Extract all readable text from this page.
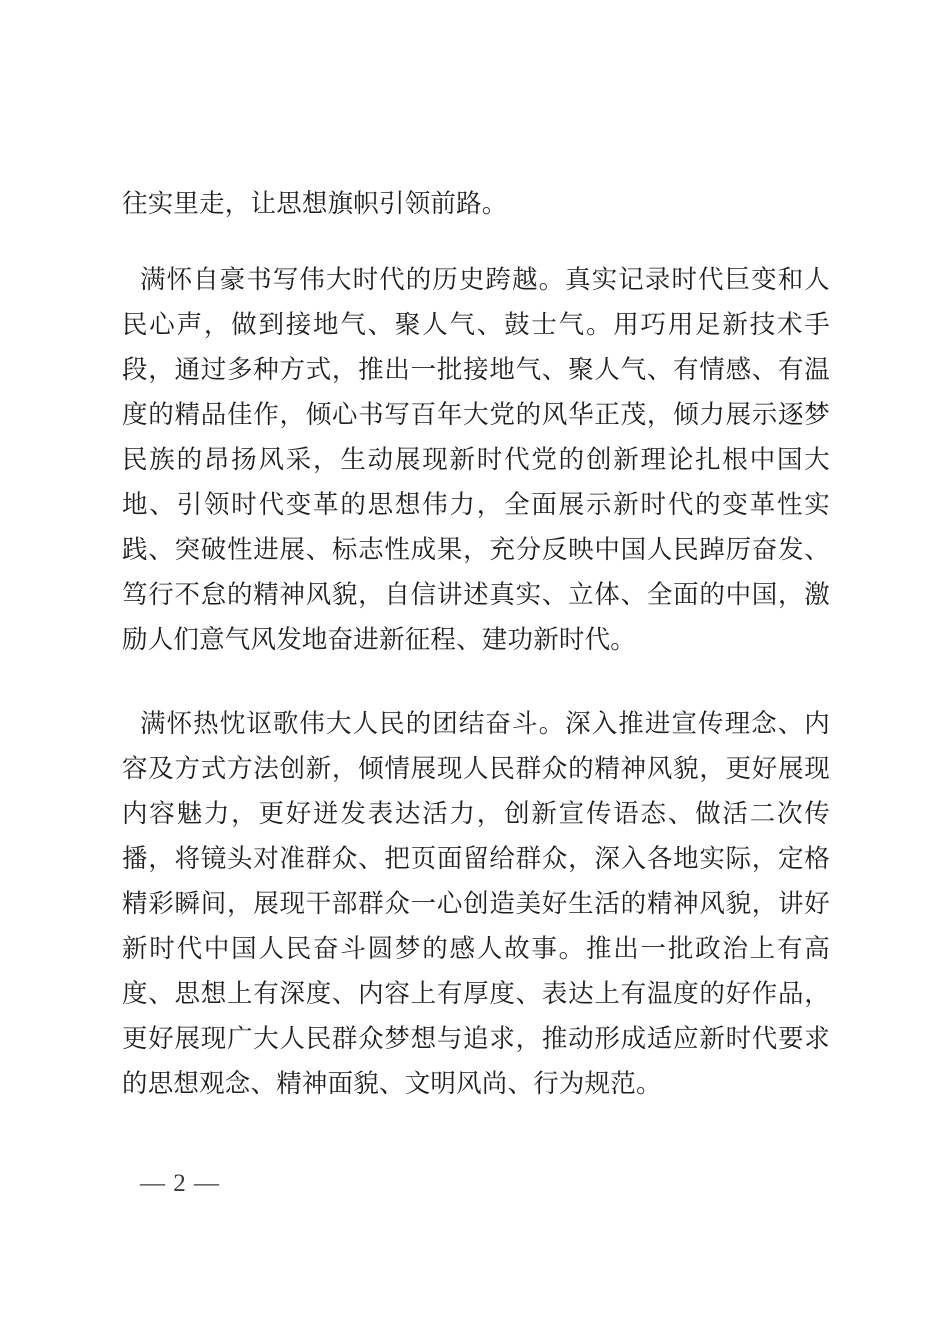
往实里走，让思想旗帜引领前路。

满怀自豪书写伟大时代的历史跨越。真实记录时代巨变和人民心声，做到接地气、聚人气、鼓士气。用巧用足新技术手段，通过多种方式，推出一批接地气、聚人气、有情感、有温度的精品佳作，倾心书写百年大党的风华正茂，倾力展示逐梦民族的昂扬风采，生动展现新时代党的创新理论扎根中国大地、引领时代变革的思想伟力，全面展示新时代的变革性实践、突破性进展、标志性成果，充分反映中国人民踔厉奋发、笃行不怠的精神风貌，自信讲述真实、立体、全面的中国，激励人们意气风发地奋进新征程、建功新时代。

满怀热忱讴歌伟大人民的团结奋斗。深入推进宣传理念、内容及方式方法创新，倾情展现人民群众的精神风貌，更好展现内容魅力，更好迸发表达活力，创新宣传语态、做活二次传播，将镜头对准群众、把页面留给群众，深入各地实际，定格精彩瞬间，展现干部群众一心创造美好生活的精神风貌，讲好新时代中国人民奋斗圆梦的感人故事。推出一批政治上有高度、思想上有深度、内容上有厚度、表达上有温度的好作品，更好展现广大人民群众梦想与追求，推动形成适应新时代要求的思想观念、精神面貌、文明风尚、行为规范。

— 2 —
